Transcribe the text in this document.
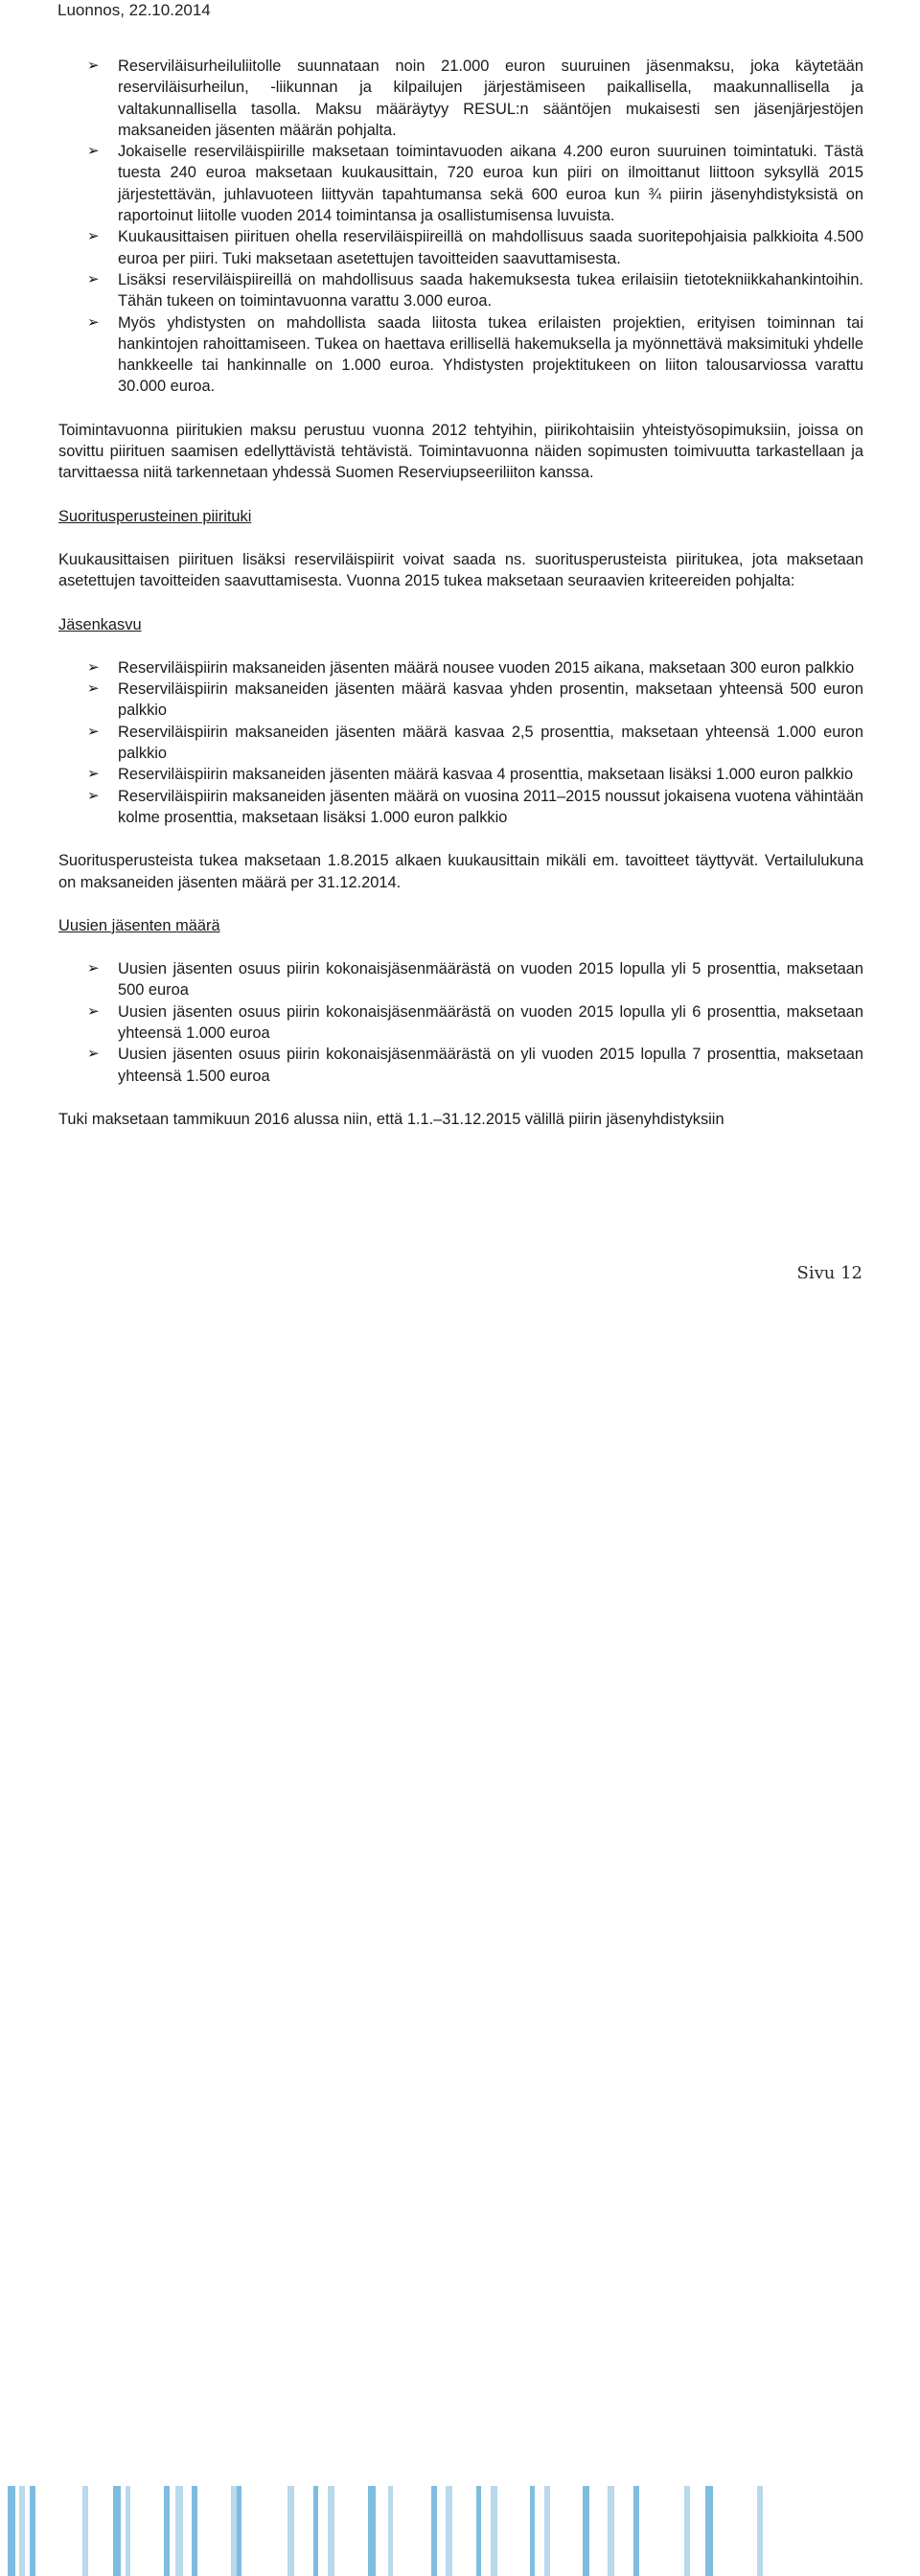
Luonnos, 22.10.2014
➢ Reserviläisurheiluliitolle suunnataan noin 21.000 euron suuruinen jäsenmaksu, joka käytetään reserviläisurheilun, -liikunnan ja kilpailujen järjestämiseen paikallisella, maakunnallisella ja valtakunnallisella tasolla. Maksu määräytyy RESUL:n sääntöjen mukaisesti sen jäsenjärjestöjen maksaneiden jäsenten määrän pohjalta.
➢ Jokaiselle reserviläispiirille maksetaan toimintavuoden aikana 4.200 euron suuruinen toimintatuki. Tästä tuesta 240 euroa maksetaan kuukausittain, 720 euroa kun piiri on ilmoittanut liittoon syksyllä 2015 järjestettävän, juhlavuoteen liittyvän tapahtumansa sekä 600 euroa kun ¾ piirin jäsenyhdistyksistä on raportoinut liitolle vuoden 2014 toimintansa ja osallistumisensa luvuista.
➢ Kuukausittaisen piirituen ohella reserviläispiireillä on mahdollisuus saada suoritepohjaisia palkkioita 4.500 euroa per piiri. Tuki maksetaan asetettujen tavoitteiden saavuttamisesta.
➢ Lisäksi reserviläispiireillä on mahdollisuus saada hakemuksesta tukea erilaisiin tietotekniikkahankintoihin. Tähän tukeen on toimintavuonna varattu 3.000 euroa.
➢ Myös yhdistysten on mahdollista saada liitosta tukea erilaisten projektien, erityisen toiminnan tai hankintojen rahoittamiseen. Tukea on haettava erillisellä hakemuksella ja myönnettävä maksimituki yhdelle hankkeelle tai hankinnalle on 1.000 euroa. Yhdistysten projektitukeen on liiton talousarviossa varattu 30.000 euroa.

Toimintavuonna piiritukien maksu perustuu vuonna 2012 tehtyihin, piirikohtaisiin yhteistyösopimuksiin, joissa on sovittu piirituen saamisen edellyttävistä tehtävistä. Toimintavuonna näiden sopimusten toimivuutta tarkastellaan ja tarvittaessa niitä tarkennetaan yhdessä Suomen Reserviupseeriliiton kanssa.

Suoritusperusteinen piirituki

Kuukausittaisen piirituen lisäksi reserviläispiirit voivat saada ns. suoritusperusteista piiritukea, jota maksetaan asetettujen tavoitteiden saavuttamisesta. Vuonna 2015 tukea maksetaan seuraavien kriteereiden pohjalta:

Jäsenkasvu

➢ Reserviläispiirin maksaneiden jäsenten määrä nousee vuoden 2015 aikana, maksetaan 300 euron palkkio
➢ Reserviläispiirin maksaneiden jäsenten määrä kasvaa yhden prosentin, maksetaan yhteensä 500 euron palkkio
➢ Reserviläispiirin maksaneiden jäsenten määrä kasvaa 2,5 prosenttia, maksetaan yhteensä 1.000 euron palkkio
➢ Reserviläispiirin maksaneiden jäsenten määrä kasvaa 4 prosenttia, maksetaan lisäksi 1.000 euron palkkio
➢ Reserviläispiirin maksaneiden jäsenten määrä on vuosina 2011–2015 noussut jokaisena vuotena vähintään kolme prosenttia, maksetaan lisäksi 1.000 euron palkkio

Suoritusperusteista tukea maksetaan 1.8.2015 alkaen kuukausittain mikäli em. tavoitteet täyttyvät. Vertailulukuna on maksaneiden jäsenten määrä per 31.12.2014.

Uusien jäsenten määrä

➢ Uusien jäsenten osuus piirin kokonaisjäsenmäärästä on vuoden 2015 lopulla yli 5 prosenttia, maksetaan 500 euroa
➢ Uusien jäsenten osuus piirin kokonaisjäsenmäärästä on vuoden 2015 lopulla yli 6 prosenttia, maksetaan yhteensä 1.000 euroa
➢ Uusien jäsenten osuus piirin kokonaisjäsenmäärästä on yli vuoden 2015 lopulla 7 prosenttia, maksetaan yhteensä 1.500 euroa

Tuki maksetaan tammikuun 2016 alussa niin, että 1.1.–31.12.2015 välillä piirin jäsenyhdistyksiin

Sivu 12
